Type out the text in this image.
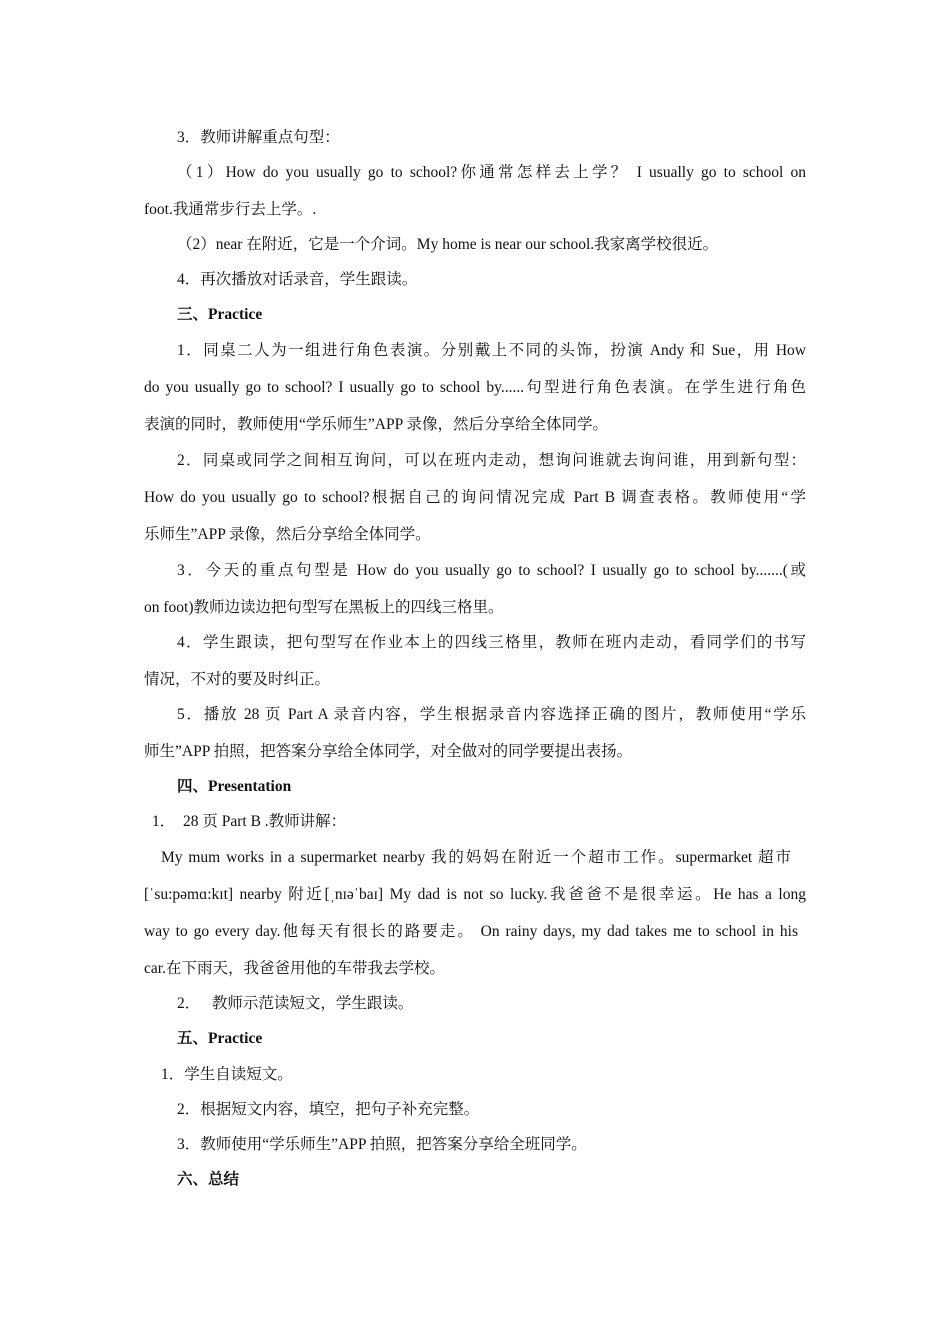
3．教师讲解重点句型：
（1）How do you usually go to school?你通常怎样去上学？ I usually go to school on
foot.我通常步行去上学。.
（2）near 在附近，它是一个介词。My home is near our school.我家离学校很近。
4．再次播放对话录音，学生跟读。
三、Practice
1．同桌二人为一组进行角色表演。分别戴上不同的头饰，扮演 Andy 和 Sue，用 How
do you usually go to school? I usually go to school by......句型进行角色表演。在学生进行角色
表演的同时，教师使用“学乐师生”APP 录像，然后分享给全体同学。
2．同桌或同学之间相互询问，可以在班内走动，想询问谁就去询问谁，用到新句型：
How do you usually go to school?根据自己的询问情况完成 Part B 调查表格。教师使用“学
乐师生”APP 录像，然后分享给全体同学。
3．今天的重点句型是 How do you usually go to school? I usually go to school by.......(或
on foot)教师边读边把句型写在黑板上的四线三格里。
4．学生跟读，把句型写在作业本上的四线三格里，教师在班内走动，看同学们的书写
情况，不对的要及时纠正。
5．播放 28 页 Part A 录音内容，学生根据录音内容选择正确的图片，教师使用“学乐
师生”APP 拍照，把答案分享给全体同学，对全做对的同学要提出表扬。
四、Presentation
1．  28 页 Part B .教师讲解：
My mum works in a supermarket nearby 我的妈妈在附近一个超市工作。supermarket 超市
[ˈsu:pəmɑ:kɪt] nearby 附近[ˌnɪəˈbaɪ] My dad is not so lucky.我爸爸不是很幸运。He has a long
way to go every day.他每天有很长的路要走。 On rainy days, my dad takes me to school in his
car.在下雨天，我爸爸用他的车带我去学校。
2．   教师示范读短文，学生跟读。
五、Practice
1．学生自读短文。
2．根据短文内容，填空，把句子补充完整。
3．教师使用“学乐师生”APP 拍照，把答案分享给全班同学。
六、总结
